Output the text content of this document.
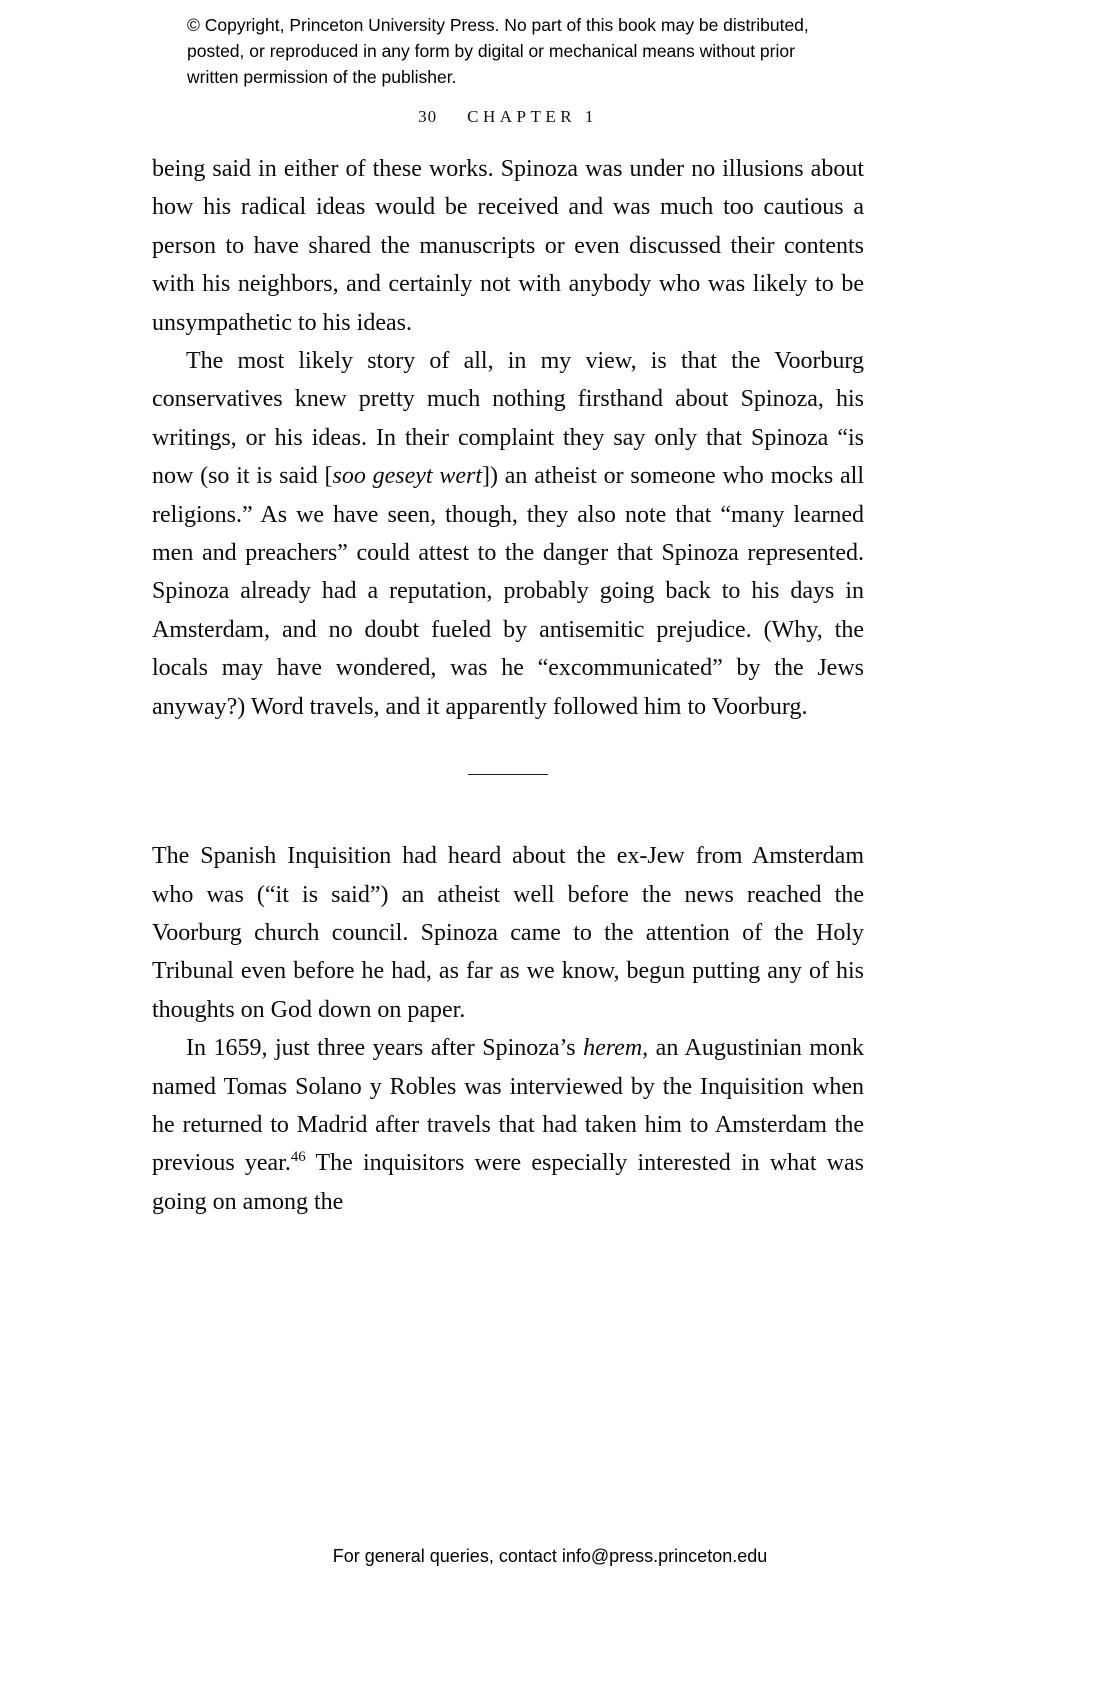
© Copyright, Princeton University Press. No part of this book may be distributed, posted, or reproduced in any form by digital or mechanical means without prior written permission of the publisher.
30 CHAPTER 1

being said in either of these works. Spinoza was under no illusions about how his radical ideas would be received and was much too cautious a person to have shared the manuscripts or even discussed their contents with his neighbors, and certainly not with anybody who was likely to be unsympathetic to his ideas.

The most likely story of all, in my view, is that the Voorburg conservatives knew pretty much nothing firsthand about Spinoza, his writings, or his ideas. In their complaint they say only that Spinoza “is now (so it is said [soo geseyt wert]) an atheist or someone who mocks all religions.” As we have seen, though, they also note that “many learned men and preachers” could attest to the danger that Spinoza represented. Spinoza already had a reputation, probably going back to his days in Amsterdam, and no doubt fueled by antisemitic prejudice. (Why, the locals may have wondered, was he “excommunicated” by the Jews anyway?) Word travels, and it apparently followed him to Voorburg.

The Spanish Inquisition had heard about the ex-Jew from Amsterdam who was (“it is said”) an atheist well before the news reached the Voorburg church council. Spinoza came to the attention of the Holy Tribunal even before he had, as far as we know, begun putting any of his thoughts on God down on paper.

In 1659, just three years after Spinoza’s herem, an Augustinian monk named Tomas Solano y Robles was interviewed by the Inquisition when he returned to Madrid after travels that had taken him to Amsterdam the previous year.$^{46}$ The inquisitors were especially interested in what was going on among the

For general queries, contact info@press.princeton.edu
